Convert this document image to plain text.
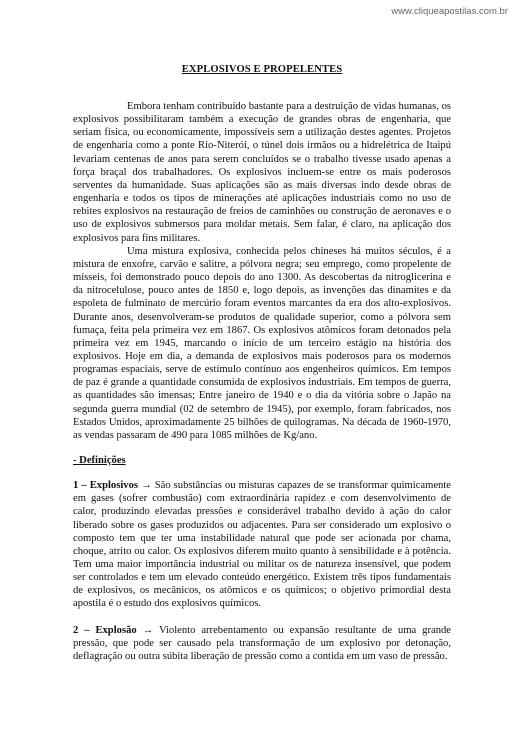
www.cliqueapostilas.com.br
EXPLOSIVOS E PROPELENTES

Embora tenham contribuído bastante para a destruição de vidas humanas, os explosivos possibilitaram também a execução de grandes obras de engenharia, que seriam física, ou economicamente, impossíveis sem a utilização destes agentes. Projetos de engenharia como a ponte Rio-Niterói, o túnel dois irmãos ou a hidrelétrica de Itaipú levariam centenas de anos para serem concluídos se o trabalho tivesse usado apenas a força braçal dos trabalhadores. Os explosivos incluem-se entre os mais poderosos serventes da humanidade. Suas aplicações são as mais diversas indo desde obras de engenharia e todos os tipos de minerações até aplicações industriais como no uso de rebites explosivos na restauração de freios de caminhões ou construção de aeronaves e o uso de explosivos submersos para moldar metais. Sem falar, é claro, na aplicação dos explosivos para fins militares.

Uma mistura explosiva, conhecida pelos chineses há muitos séculos, é a mistura de enxofre, carvão e salitre, a pólvora negra; seu emprego, como propelente de mísseis, foi demonstrado pouco depois do ano 1300. As descobertas da nitroglicerina e da nitrocelulose, pouco antes de 1850 e, logo depois, as invenções das dinamites e da espoleta de fulminato de mercúrio foram eventos marcantes da era dos alto-explosivos. Durante anos, desenvolveram-se produtos de qualidade superior, como a pólvora sem fumaça, feita pela primeira vez em 1867. Os explosivos atômicos foram detonados pela primeira vez em 1945, marcando o início de um terceiro estágio na história dos explosivos. Hoje em dia, a demanda de explosivos mais poderosos para os modernos programas espaciais, serve de estímulo contínuo aos engenheiros químicos. Em tempos de paz é grande a quantidade consumida de explosivos industriais. Em tempos de guerra, as quantidades são imensas; Entre janeiro de 1940 e o dia da vitória sobre o Japão na segunda guerra mundial (02 de setembro de 1945), por exemplo, foram fabricados, nos Estados Unidos, aproximadamente 25 bilhões de quilogramas. Na década de 1960-1970, as vendas passaram de 490 para 1085 milhões de Kg/ano.

- Definições

1 – Explosivos → São substâncias ou misturas capazes de se transformar quimicamente em gases (sofrer combustão) com extraordinária rapidez e com desenvolvimento de calor, produzindo elevadas pressões e considerável trabalho devido à ação do calor liberado sobre os gases produzidos ou adjacentes. Para ser considerado um explosivo o composto tem que ter uma instabilidade natural que pode ser acionada por chama, choque, atrito ou calor. Os explosivos diferem muito quanto à sensibilidade e à potência. Tem uma maior importância industrial ou militar os de natureza insensível, que podem ser controlados e tem um elevado conteúdo energético. Existem três tipos fundamentais de explosivos, os mecânicos, os atômicos e os químicos; o objetivo primordial desta apostila é o estudo dos explosivos químicos.

2 – Explosão → Violento arrebentamento ou expansão resultante de uma grande pressão, que pode ser causado pela transformação de um explosivo por detonação, deflagração ou outra súbita liberação de pressão como a contida em um vaso de pressão.
